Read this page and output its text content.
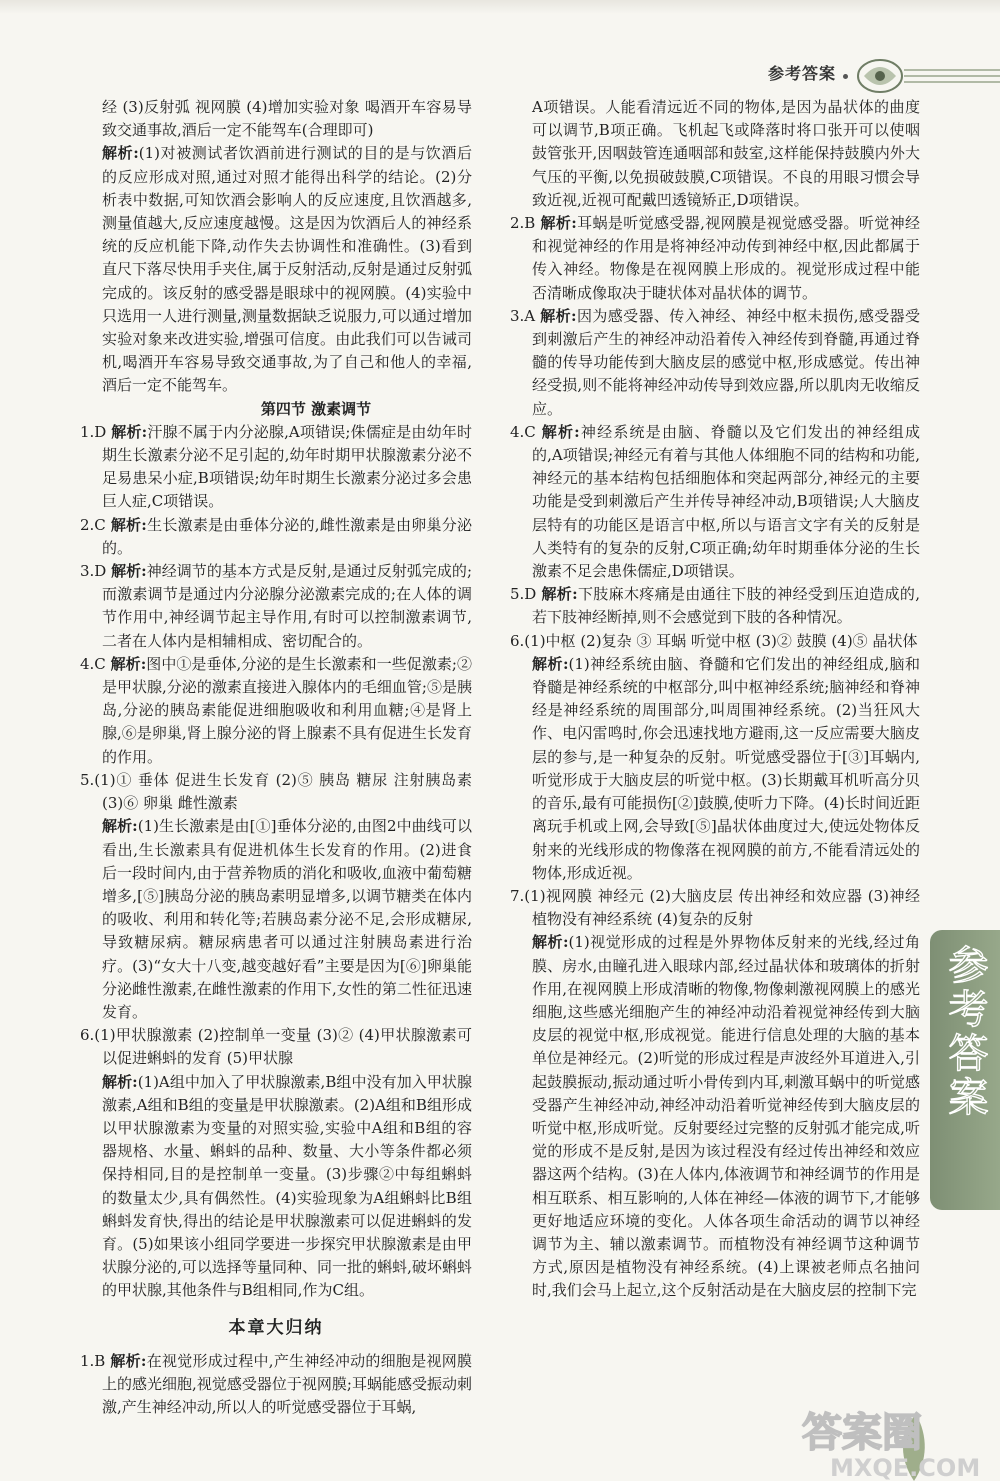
参考答案

经 (3)反射弧 视网膜 (4)增加实验对象 喝酒开车容易导致交通事故,酒后一定不能驾车(合理即可)

解析:(1)对被测试者饮酒前进行测试的目的是与饮酒后的反应形成对照,通过对照才能得出科学的结论。(2)分析表中数据,可知饮酒会影响人的反应速度,且饮酒越多,测量值越大,反应速度越慢。这是因为饮酒后人的神经系统的反应机能下降,动作失去协调性和准确性。(3)看到直尺下落尽快用手夹住,属于反射活动,反射是通过反射弧完成的。该反射的感受器是眼球中的视网膜。(4)实验中只选用一人进行测量,测量数据缺乏说服力,可以通过增加实验对象来改进实验,增强可信度。由此我们可以告诫司机,喝酒开车容易导致交通事故,为了自己和他人的幸福,酒后一定不能驾车。

第四节 激素调节

1.D 解析:汗腺不属于内分泌腺,A项错误;侏儒症是由幼年时期生长激素分泌不足引起的,幼年时期甲状腺激素分泌不足易患呆小症,B项错误;幼年时期生长激素分泌过多会患巨人症,C项错误。

2.C 解析:生长激素是由垂体分泌的,雌性激素是由卵巢分泌的。

3.D 解析:神经调节的基本方式是反射,是通过反射弧完成的;而激素调节是通过内分泌腺分泌激素完成的;在人体的调节作用中,神经调节起主导作用,有时可以控制激素调节,二者在人体内是相辅相成、密切配合的。

4.C 解析:图中①是垂体,分泌的是生长激素和一些促激素;②是甲状腺,分泌的激素直接进入腺体内的毛细血管;⑤是胰岛,分泌的胰岛素能促进细胞吸收和利用血糖;④是肾上腺,⑥是卵巢,肾上腺分泌的肾上腺素不具有促进生长发育的作用。

5.(1)① 垂体 促进生长发育 (2)⑤ 胰岛 糖尿 注射胰岛素 (3)⑥ 卵巢 雌性激素

解析:(1)生长激素是由[①]垂体分泌的,由图2中曲线可以看出,生长激素具有促进机体生长发育的作用。(2)进食后一段时间内,由于营养物质的消化和吸收,血液中葡萄糖增多,[⑤]胰岛分泌的胰岛素明显增多,以调节糖类在体内的吸收、利用和转化等;若胰岛素分泌不足,会形成糖尿,导致糖尿病。糖尿病患者可以通过注射胰岛素进行治疗。(3)“女大十八变,越变越好看”主要是因为[⑥]卵巢能分泌雌性激素,在雌性激素的作用下,女性的第二性征迅速发育。

6.(1)甲状腺激素 (2)控制单一变量 (3)② (4)甲状腺激素可以促进蝌蚪的发育 (5)甲状腺

解析:(1)A组中加入了甲状腺激素,B组中没有加入甲状腺激素,A组和B组的变量是甲状腺激素。(2)A组和B组形成以甲状腺激素为变量的对照实验,实验中A组和B组的容器规格、水量、蝌蚪的品种、数量、大小等条件都必须保持相同,目的是控制单一变量。(3)步骤②中每组蝌蚪的数量太少,具有偶然性。(4)实验现象为A组蝌蚪比B组蝌蚪发育快,得出的结论是甲状腺激素可以促进蝌蚪的发育。(5)如果该小组同学要进一步探究甲状腺激素是由甲状腺分泌的,可以选择等量同种、同一批的蝌蚪,破坏蝌蚪的甲状腺,其他条件与B组相同,作为C组。

本章大归纳

1.B 解析:在视觉形成过程中,产生神经冲动的细胞是视网膜上的感光细胞,视觉感受器位于视网膜;耳蜗能感受振动刺激,产生神经冲动,所以人的听觉感受器位于耳蜗,

A项错误。人能看清远近不同的物体,是因为晶状体的曲度可以调节,B项正确。飞机起飞或降落时将口张开可以使咽鼓管张开,因咽鼓管连通咽部和鼓室,这样能保持鼓膜内外大气压的平衡,以免损破鼓膜,C项错误。不良的用眼习惯会导致近视,近视可配戴凹透镜矫正,D项错误。

2.B 解析:耳蜗是听觉感受器,视网膜是视觉感受器。听觉神经和视觉神经的作用是将神经冲动传到神经中枢,因此都属于传入神经。物像是在视网膜上形成的。视觉形成过程中能否清晰成像取决于睫状体对晶状体的调节。

3.A 解析:因为感受器、传入神经、神经中枢未损伤,感受器受到刺激后产生的神经冲动沿着传入神经传到脊髓,再通过脊髓的传导功能传到大脑皮层的感觉中枢,形成感觉。传出神经受损,则不能将神经冲动传导到效应器,所以肌肉无收缩反应。

4.C 解析:神经系统是由脑、脊髓以及它们发出的神经组成的,A项错误;神经元有着与其他人体细胞不同的结构和功能,神经元的基本结构包括细胞体和突起两部分,神经元的主要功能是受到刺激后产生并传导神经冲动,B项错误;人大脑皮层特有的功能区是语言中枢,所以与语言文字有关的反射是人类特有的复杂的反射,C项正确;幼年时期垂体分泌的生长激素不足会患侏儒症,D项错误。

5.D 解析:下肢麻木疼痛是由通往下肢的神经受到压迫造成的,若下肢神经断掉,则不会感觉到下肢的各种情况。

6.(1)中枢 (2)复杂 ③ 耳蜗 听觉中枢 (3)② 鼓膜 (4)⑤ 晶状体

解析:(1)神经系统由脑、脊髓和它们发出的神经组成,脑和脊髓是神经系统的中枢部分,叫中枢神经系统;脑神经和脊神经是神经系统的周围部分,叫周围神经系统。(2)当狂风大作、电闪雷鸣时,你会迅速找地方避雨,这一反应需要大脑皮层的参与,是一种复杂的反射。听觉感受器位于[③]耳蜗内,听觉形成于大脑皮层的听觉中枢。(3)长期戴耳机听高分贝的音乐,最有可能损伤[②]鼓膜,使听力下降。(4)长时间近距离玩手机或上网,会导致[⑤]晶状体曲度过大,使远处物体反射来的光线形成的物像落在视网膜的前方,不能看清远处的物体,形成近视。

7.(1)视网膜 神经元 (2)大脑皮层 传出神经和效应器 (3)神经 植物没有神经系统 (4)复杂的反射

解析:(1)视觉形成的过程是外界物体反射来的光线,经过角膜、房水,由瞳孔进入眼球内部,经过晶状体和玻璃体的折射作用,在视网膜上形成清晰的物像,物像刺激视网膜上的感光细胞,这些感光细胞产生的神经冲动沿着视觉神经传到大脑皮层的视觉中枢,形成视觉。能进行信息处理的大脑的基本单位是神经元。(2)听觉的形成过程是声波经外耳道进入,引起鼓膜振动,振动通过听小骨传到内耳,刺激耳蜗中的听觉感受器产生神经冲动,神经冲动沿着听觉神经传到大脑皮层的听觉中枢,形成听觉。反射要经过完整的反射弧才能完成,听觉的形成不是反射,是因为该过程没有经过传出神经和效应器这两个结构。(3)在人体内,体液调节和神经调节的作用是相互联系、相互影响的,人体在神经—体液的调节下,才能够更好地适应环境的变化。人体各项生命活动的调节以神经调节为主、辅以激素调节。而植物没有神经调节这种调节方式,原因是植物没有神经系统。(4)上课被老师点名抽问时,我们会马上起立,这个反射活动是在大脑皮层的控制下完

参考答案
答案圈
MXQE.COM
